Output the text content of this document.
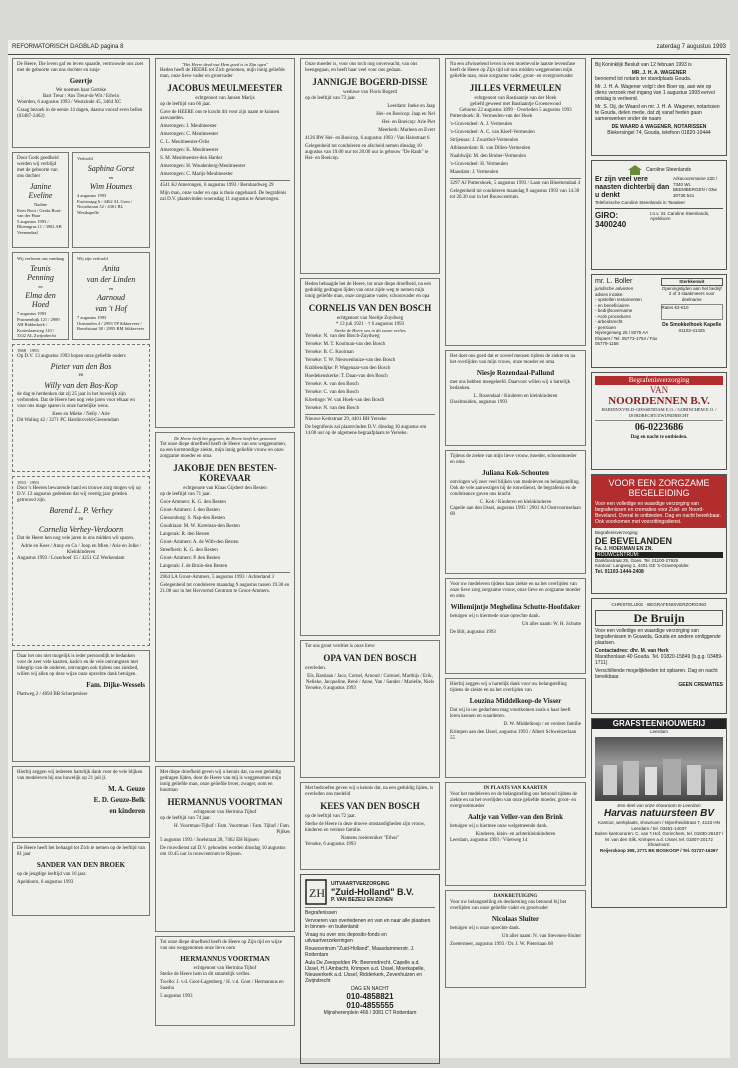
REFORMATORISCH DAGBLAD pagina 8	zaterdag 7 augustus 1993
De Heere, Die leven gaf en leven spaarde, vertrouwde ons zoet met de geboorte van ons dochter en zusje
Geertje
We noemen haar Gertske
Bart Treur / Ans Treur-de Wit / Edwin
Woerden, 6 augustus 1993 / Westzinde 45, 3464 XC
Graag bezoek in de eerste 14 dagen, daarna vooraf even bellen (03487-2462)
Door Gods goedheid werden wij verblijd met de geboorte van ons dochter
Janine Eveline
Nadine
Kees Boot / Gerda Boot-van der Haar
5 augustus 1993 / Bloemgras 11 / 3902 AB Veenendaal
Verloofd
Saphina Gorst
en
Wim Houmes
4 augustus 1993
Fruitstrapg 6 / 4462 AL Goes / Noordstraat 52 / 4361 BL Westkapelle
Wij verloven ons vandaag
Teunis Penning
en
Elma den Hoed
7 augustus 1993
Pruimenhijk 121 / 2989 AH Ridderkerk / Korteslaanweg 110 / 3332 AL Zwijndrecht
Wij zijn verloofd
Anita
van der Linden
en
Aarnoud
van 't Hof
7 augustus 1993
Oostmolen 4 / 2993 TP Sikkerveer / Bavelstraat 38 / 2993 RM Sikkerveer
1968 · 1993
Op D.V. 13 augustus 1993 hopen onze geliefde ouders
Pieter van den Bos
en
Willy van den Bos-Kop
de dag te herdenken dat zij 25 jaar in het huwelijk zijn verbonden. Dat de Heere hen nog vele jaren voor elkaar en voor ons mage sparen is onze hartelijke wens.
Kees en Mieke / Nelly / Arie
Dit Waling 42 / 3271 PC Hardinxveld-Giessendam
1953 · 1993
Door 's Heeren bewarende hand en trouwe zorg mogen wij op D.V. 13 augustus gedenken dat wij veertig jaar geleden getrouwd zijn.
Barend L. P. Verhey
en
Cornelia Verhey-Verdoorn
Dat de Heere hen nog vele jaren in ons midden wil sparen.
Adrie en Kees / Anny en Co / Joop en Mien / Arie en Jolke / Kleinkinderen
Augustus 1993 / Lozerhoef 15 / 4251 CZ Werkendam
Daar het ons niet mogelijk is ieder persoonlijk te bedanken voor de zeer vele kaarten, kado's en de vele ontvangsten met inbegrip van de ouderen, ontvangen ook tijdens ons ziekbed, willen wij allen op deze wijze onze oprechte dank betuigen.
Fam. Dijke-Wessels
Plattweg 2 / 4694 BB Scherpenisse
Hierbij zeggen wij iedereen hartelijk dank voor de vele blijken van medeleven bij ons huwelijk op 21 juli jl.
M. A. Geuze
E. D. Geuze-Belk
en kinderen
De Heere heeft het behaagd tot Zich te nemen op de leeftijd van 81 jaar
SANDER VAN DEN BROEK
op de jeugdige leeftijd van 16 jaar.
Apeldoorn, 6 augustus 1993
"Het Heere deed wat Hem goed is in Zijn ogen"
Heden heeft de HEERE tot Zich genomen, mijn innig geliefde man, onze lieve vader en grootvader
JACOBUS MEULMEESTER
echtgenoot van Jansen Marijs
op de leeftijd van 66 jaar.
Gave de HEERE ons te kracht dit voor zijn naam te kunnen aanvaarden.
Amerongen: J. Meulmeester
Amerongen: C. Meulmeester
C. L. Meulmeester-Ochs
Amerongen: K. Meulmeester
S. M. Meulmeester-den Harder
Amerongen: H. Woudenberg-Meulmeester
Amerongen: C. Marijs-Meulmeester
4541 KJ Amerongen, 6 augustus 1993 / Bernhardweg 29
Mijn man, onze vader en opa is thuis opgebaard. De begrafenis zal D.V. plaatsvinden woensdag 11 augustus te Amerongen.
De Heere heeft het gegeven, de Heere heeft het genomen
Tot onze diepe droefheid heeft de Heere van ons weggenomen, na een kortstondige ziekte, mijn innig geliefde vrouw en onze zorgzame moeder en oma
JAKOBJE DEN BESTEN-KOREVAAR
echtgenote van Klaas Gijsbert den Besten
op de leeftijd van 71 jaar.
Goot-Ammers: K. G. den Besten
Groot-Ammers: J. den Besten
Giessenburg: S. Nap-den Besten
Goudriaan: M. W. Koreman-den Besten
Langerak: R. den Besten
Groot-Ammers: A. de With-den Besten
Streefkerk: K. G. den Besten
Groot-Ammers: P. den Besten
Langerak: J. de Bruin-den Besten
2964 LA Groot-Ammers, 5 augustus 1993 / Achterland 3
Gelegenheid tot condoleren maandag 9 augustus tussen 19.30 en 21.00 uur in het Hervormd Centrum te Groot-Ammers.
Met diepe droefheid geven wij u kennis dat, na een geduldig gedragen lijden, door de Heere van mij is weggenomen mijn innig geliefde man, onze geliefde broer, zwager, oom en buurman
HERMANNUS VOORTMAN
echtgenoot van Hermina Tijhof
op de leeftijd van 74 jaar.
H. Voortman-Tijhof / Fam. Voortman / Fam. Tijhof / Fam. Pijlkes
5 augustus 1993 / Snelstraat 28, 7462 EH Rijssen
De rouwdienst zal D.V. gehouden worden dinsdag 10 augustus om 10.45 uur in rouwcentrum te Rijssen.
Tot onze diepe droefheid heeft de Heere op Zijn tijd en wijze van ons weggenomen onze lieve oom
HERMANNUS VOORTMAN
echtgenoot van Hermina Tijhof
Sterke de Heere hem in dit smartelijk verlies.
Twello: J. v.d. Goot-Lagenberg / H. v.d. Goot / Hermannus en Saasha
5 augustus 1993
Onze moeder is, voor ons toch nog onverwacht, van ons heengegaan, en heeft haar veel voor ons gedaan.
JANNIGJE BOGERD-DISSE
weduwe van Floris Bogerd
op de leeftijd van 73 jaar.
Leerdam: Ineke en Jaap
Hei- en Boeicop: Jaap en Nel
Hei- en Boeicop: Arie Piet
Meerkerk: Marleen en Evert
4126 RW Hei- en Boeicop, 6 augustus 1993 / Van Halsstraat 6
Gelegenheid tot condoleren en afscheid nemen dinsdag 10 augustus van 19.00 uur tot 20.00 uur in gebouw "De Rank" te Hei- en Boeicop.
Heden behaagde het de Heere, tot onze diepe droefheid, na een geduldig gedragen lijden van onze zijde weg te nemen mijn innig geliefde man, onze zorgzame vader, schoonvader en opa
CORNELIS VAN DEN BOSCH
echtgenoot van Neeltje Zuydweg
* 13 juli 1921 · † 6 augustus 1993
Sterke de Heere ons in dit zware verlies
Yerseke: N. van den Bosch-Zuydweg
Yerseke: M. T. Kooiman-van den Bosch
Yerseke: B. C. Kooiman
Yerseke: T. W. Nieuwenhuize-van den Bosch
Krabbendijke: P. Wagenaar-van den Bosch
Hoedekenskerke: T. Daan-van den Bosch
Yerseke: A. van den Bosch
Yerseke: C. van den Bosch
Kloetinge: W. van Hoek-van den Bosch
Yerseke: N. van den Bosch
Nieuwe Kerkstraat 29, 4401 BH Yerseke
De begrafenis zal plaatsvinden D.V. dinsdag 10 augustus om 14.00 uur op de algemene begraafplaats te Yerseke.
Tot ons groot verdriet is onze lieve
OPA VAN DEN BOSCH
overleden.
Els, Bastiaan / Jaco, Cornel, Arnoud / Cornoel, Marthijs / Erik, Nelleke, Jacqueline, René / Anne, Yan / Sander / Marielle, Niels
Yerseke, 6 augustus 1993
Met bedroefen geven wij u kennis dat, na een geduldig lijden, is overleden ons medelid
KEES VAN DEN BOSCH
op de leeftijd van 72 jaar.
Sterke de Heere in deze droeve omstandigheden zijn vrouw, kinderen en verdere familie.
Namens roeiereniker "Ethos"
Yerseke, 6 augustus 1993
ZH
UITVAARTVERZORGING
"Zuid-Holland" B.V.
P. VAN BEZEIJ EN ZONEN
Begrafenissen
Vervoeren van overledenen en van en naar alle plaatsen in binnen- en buitenland
Vraag nu over ons deposito-fonds en uitvaartverzekeringen
Rouwcentrum "Zuid-Holland", Maasdammerstr. J. Rotterdam
Aula De Zeespelden Pk: Beerendrecht, Capelle a.d. IJssel, H.I.Ambacht, Krimpen a.d. IJssel, Moerkapelle, Nieuwerkerk a.d. IJssel, Ridderkerk, Zevenhuizen en Zwijndrecht
DAG EN NACHT
010-4858821
010-4855555
Mijnsherenplein 466 / 3081 CT Rotterdam
Na een afwisselend leven in een moeitevolle laatste levensfase heeft de Heere op Zijn tijd uit ons midden weggenomen mijn geliefde man, onze zorgzame vader, groot- en overgrootvader
JILLES VERMEULEN
echtgenoot van Bastiaantje van der Hoek
geliefd geweest met Bastiaantje Groenewoud
Geboren 22 augustus 1899 · Overleden 5 augustus 1993
Puttershoek: B. Vermeulen-van der Hoek
's-Gravendeel: A. J. Vermeulen
's-Gravendeel: A. C. van Kleef-Vermeulen
Strijensas: J. Zwartbol-Vermeulen
Alblasserdam: B. van Dillen-Vermeulen
Naaldwijk: M. den Bruber-Vermeulen
's-Gravendeel: H. Vermeulen
Maasdam: J. Vermeulen
3297 AJ Puttershoek, 5 augustus 1993 / Laan van Bloemendaal 4
Gelegenheid tot condoleren maandag 9 augustus 1993 van 14.30 tot 20.30 uur in het Rouwcentrum.
Het doet ons goed dat er zoveel mensen tijdens de ziekte en na het overlijden van mijn vrouw, onze moeder en oma
Niesje Rozendaal-Pallund
met ons hebben meegeleefd. Daarvoor willen wij u hartelijk bedanken.
L. Rozendaal / Kinderen en kleinkinderen
IJsselmuiden, augustus 1993
Tijdens de ziekte van mijn lieve vrouw, moeder, schoonmoeder en oma
Juliana Kok-Schouten
ontvingen wij zeer veel blijken van medeleven en belangstelling. Ook de vele aanwezigen bij de rouwdienst, de begrafenis en de condoleance gaven ons kracht.
C. Kok / Kinderen en kleinkinderen
Capelle aan den IJssel, augustus 1993 / 2901 AJ Oostvoornselaan 60
Voor uw medeleven tijdens haar ziekte en na het overlijden van onze lieve zorg zorgzame vrouw, onze lieve en zorgzame moeder en oma
Willemijntje Meghelina Schutte-Hoofdaker
betuigen wij u hiermede onze oprechte dank.
Uit aller naam: W. H. Schutte
De Bilt, augustus 1993
Hierbij zeggen wij u hartelijk dank voor uw belangstelling tijdens de ziekte en na het overlijden van
Louzina Middelkoop-de Visser
Dat wij in uw gedachten mag voortkomen zoals u haar heeft leren kennen en waarderen.
D. W. Middelkoop / en verdere familie
Krimpen aan den IJssel, augustus 1993 / Albert Schweitzerlaan 55
IN PLAATS VAN KAARTEN
Voor het medeleven en de belangstelling ons betoond tijdens de ziekte en na het overlijden van onze geliefde moeder, groot- en overgrootmoeder
Aaltje van Veller-van den Brink
betuigen wij u hiermee onze welgemeende dank.
Kinderen, klein- en achterkleinkinderen
Leerdam, augustus 1993 / Vlietweg 14
DANKBETUIGING
Voor uw belangstelling en deelneming ons betoond bij het overlijden van onze geliefde vader en grootvader
Nicolaas Sluiter
betuigen wij u onze oprechte dank.
Uit aller naam: N. van Stevenen-Sluiter
Zoetermeer, augustus 1993 / Dr. J. W. Pieteriaan 68
Bij Koninklijk Besluit van 12 februari 1993 is
MR. J. H. A. WAGENER
benoemd tot notaris ter standplaats Gouda.
Mr. J. H. A. Wagener volgt t den Boer op, aan wie op diens verzoek met ingang van 1 augustus 1993 eervol ontslag is verleend.
Mr. S. Oij, de Waard en mr. J. H. A. Wagener, notarissen te Gouda, delen mede, dat zij vanaf heden gaan samenwerken onder de naam
DE WAARD & WAGENER, NOTARISSEN
Blekersingel 74, Gouda, telefoon 01820-10444
Caroline Steenlands
Er zijn veel vere naasten dichterbij dan u denkt
Arkacoommarse 230 / 7340 WL BEEMBERGEN / 03w 30736 541
Telefonische Caroline Steenlands in Tanaleer
GIRO: 3400240
t.n.v. St. Caroline Steenlands, Apeldoorn
mr. L. Boller
juridische adviezen
advies inzake:
- opstellen testamenten
- en beneficiairen
- bedrijfsovername
- Arob procedures
- arbeidsrecht
- pensioen
Nijvergerweg 25 / 8275 AA Elspeet / Tel. 05773-1754 / Fax 05779-1156
Sterkkenwit
Openingstijden aan het bedrijf
2 of 3 staakmeers voor deelname
Rates €2-€10
De Smokkelhoek Kapelle
01102-41425
Begrafenisverzorging
VAN
NOORDENNEN B.V.
HARDINXVELD-GIESSENDAM E.O. / GORINCHEM E.O. / DORDRECHT/ZWIJNDRECHT
06-0223686
Dag en nacht te ontbieden.
VOOR EEN ZORGZAME BEGELEIDING
Voor een volledige en waardige verzorging van begrafenissen en crematies voor Zuid- en Noord-Beveland. Overal te ontbieden. Dag en nacht bereikbaar. Ook voorkomen met voorzittingsdienst.
Begrafenisverzorging
DE BEVELANDEN
Fa. J. HOEKMAN EN ZN.
ROUWCENTRUM:
Dankbostraat 25, Goes. Tel. 01100-27925
Kantoor: Langweg 1, 4401 GE 's-Gravenpolder.
Tel. 01103-1444-2408
CHRISTELIJKE · BEGRAFENISVERZORGING
De Bruijn
Voor een volledige en waardige verzorging van begrafenissen in Gouwda, Gouda en andere omliggende plaatsen.
Contactadres: dhr. M. van Herk
Marathonlaan 40 Gouda. Tel. 01820-15849 (b.g.g. 03489-1711)
Verschillende mogelijkheden tot opbaren. Dag en nacht bereikbaar.
GEEN CREMATIES
GRAFSTEENHOUWERIJ
Leerdam
Een deel van onze showroom te Leerdam
Harvas natuursteen BV
Kantoor, werkplaats, showroom / Nijverheidstraat 7, 4143 HN Leerdam / tel. 03451-14037
Buiten kantooruren: C. van 't Hof, Gorinchem, tel. 01830-26107 / M. van den Silk, Krimpen a.d. IJssel, tel. 01807-20172
Showroom:
Reijerskoop 395, 2771 BK BOSKOOP / Tel. 01727-16397
